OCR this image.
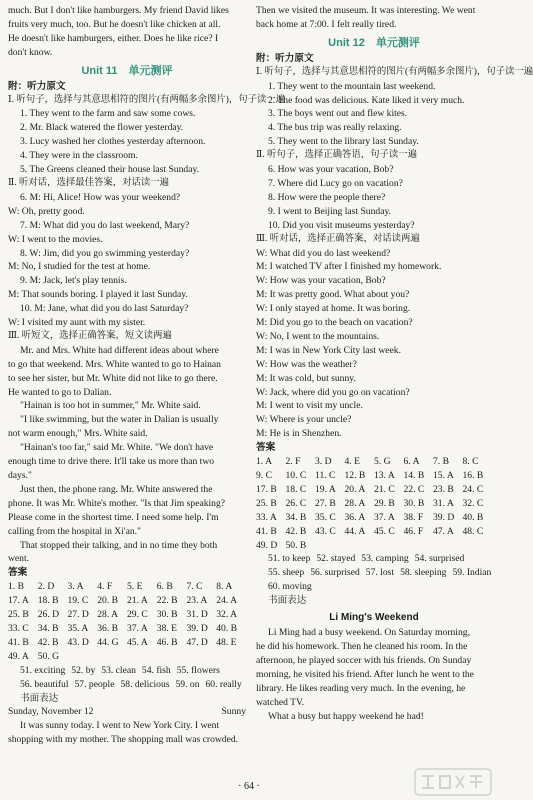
much. But I don't like hamburgers. My friend David likes
fruits very much, too. But he doesn't like chicken at all.
He doesn't like hamburgers, either. Does he like rice? I
don't know.
Unit 11　单元测评
附：听力原文
Ⅰ. 听句子，选择与其意思相符的图片(有两幅多余图片)，句子读一遍
1. They went to the farm and saw some cows.
2. Mr. Black watered the flower yesterday.
3. Lucy washed her clothes yesterday afternoon.
4. They were in the classroom.
5. The Greens cleaned their house last Sunday.
Ⅱ. 听对话，选择最佳答案，对话读一遍
6. M: Hi, Alice! How was your weekend?
W: Oh, pretty good.
7. M: What did you do last weekend, Mary?
W: I went to the movies.
8. W: Jim, did you go swimming yesterday?
M: No, I studied for the test at home.
9. M: Jack, let's play tennis.
M: That sounds boring. I played it last Sunday.
10. M: Jane, what did you do last Saturday?
W: I visited my aunt with my sister.
Ⅲ. 听短文，选择正确答案，短文读两遍
Mr. and Mrs. White had different ideas about where
to go that weekend. Mrs. White wanted to go to Hainan
to see her sister, but Mr. White did not like to go there.
He wanted to go to Dalian.
"Hainan is too hot in summer," Mr. White said.
"I like swimming, but the water in Dalian is usually
not warm enough," Mrs. White said.
"Hainan's too far," said Mr. White. "We don't have
enough time to drive there. It'll take us more than two
days."
Just then, the phone rang. Mr. White answered the
phone. It was Mr. White's mother. "Is that Jim speaking?
Please come in the shortest time. I need some help. I'm
calling from the hospital in Xi'an."
That stopped their talking, and in no time they both
went.
答案
1. B	2. D	3. A	4. F	5. E	6. B	7. C	8. A
17. A 18. B 19. C 20. B 21. A 22. B 23. A 24. A
25. B 26. D 27. D 28. A 29. C 30. B 31. D 32. A
33. C 34. B 35. A 36. B 37. A 38. E 39. D 40. B
41. B 42. B 43. D 44. G 45. A 46. B 47. D 48. E
49. A 50. G
51. exciting 52. by 53. clean 54. fish 55. flowers
56. beautiful 57. people 58. delicious 59. on 60. really
书面表达
Sunday, November 12	Sunny
It was sunny today. I went to New York City. I went
shopping with my mother. The shopping mall was crowded.
Then we visited the museum. It was interesting. We went
back home at 7:00. I felt really tired.
Unit 12　单元测评
附：听力原文
Ⅰ. 听句子，选择与其意思相符的图片(有两幅多余图片)，句子读一遍
1. They went to the mountain last weekend.
2. The food was delicious. Kate liked it very much.
3. The boys went out and flew kites.
4. The bus trip was really relaxing.
5. They went to the library last Sunday.
Ⅱ. 听句子，选择正确答语，句子读一遍
6. How was your vacation, Bob?
7. Where did Lucy go on vacation?
8. How were the people there?
9. I went to Beijing last Sunday.
10. Did you visit museums yesterday?
Ⅲ. 听对话，选择正确答案，对话读两遍
W: What did you do last weekend?
M: I watched TV after I finished my homework.
W: How was your vacation, Bob?
M: It was pretty good. What about you?
W: I only stayed at home. It was boring.
M: Did you go to the beach on vacation?
W: No, I went to the mountains.
M: I was in New York City last week.
W: How was the weather?
M: It was cold, but sunny.
W: Jack, where did you go on vacation?
M: I went to visit my uncle.
W: Where is your uncle?
M: He is in Shenzhen.
答案
1. A	2. F	3. D	4. E	5. G	6. A	7. B	8. C
9. C	10. C 11. C 12. B 13. A 14. B 15. A 16. B
17. B 18. C 19. A 20. A 21. C 22. C 23. B 24. C
25. B 26. C 27. B 28. A 29. B 30. B 31. A 32. C
33. A 34. B 35. C 36. A 37. A 38. F	39. D 40. B
41. B 42. B 43. C 44. A 45. C 46. F	47. A 48. C
49. D 50. B
51. to keep 52. stayed 53. camping 54. surprised
55. sheep 56. surprised 57. lost 58. sleeping 59. Indian
60. moving
书面表达
Li Ming's Weekend
Li Ming had a busy weekend. On Saturday morning,
he did his homework. Then he cleaned his room. In the
afternoon, he played soccer with his friends. On Sunday
morning, he visited his friend. After lunch he went to the
library. He likes reading very much. In the evening, he
watched TV.
What a busy but happy weekend he had!
· 64 ·
